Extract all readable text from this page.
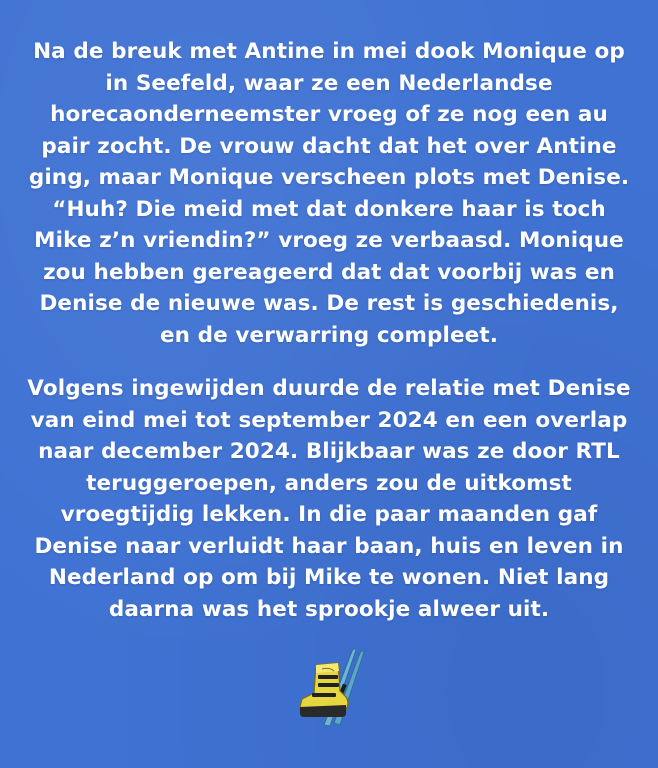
Na de breuk met Antine in mei dook Monique op
in Seefeld, waar ze een Nederlandse
horecaonderneemster vroeg of ze nog een au
pair zocht. De vrouw dacht dat het over Antine
ging, maar Monique verscheen plots met Denise.
“Huh? Die meid met dat donkere haar is toch
Mike z’n vriendin?” vroeg ze verbaasd. Monique
zou hebben gereageerd dat dat voorbij was en
Denise de nieuwe was. De rest is geschiedenis,
en de verwarring compleet.
Volgens ingewijden duurde de relatie met Denise
van eind mei tot september 2024 en een overlap
naar december 2024. Blijkbaar was ze door RTL
teruggeroepen, anders zou de uitkomst
vroegtijdig lekken. In die paar maanden gaf
Denise naar verluidt haar baan, huis en leven in
Nederland op om bij Mike te wonen. Niet lang
daarna was het sprookje alweer uit.
